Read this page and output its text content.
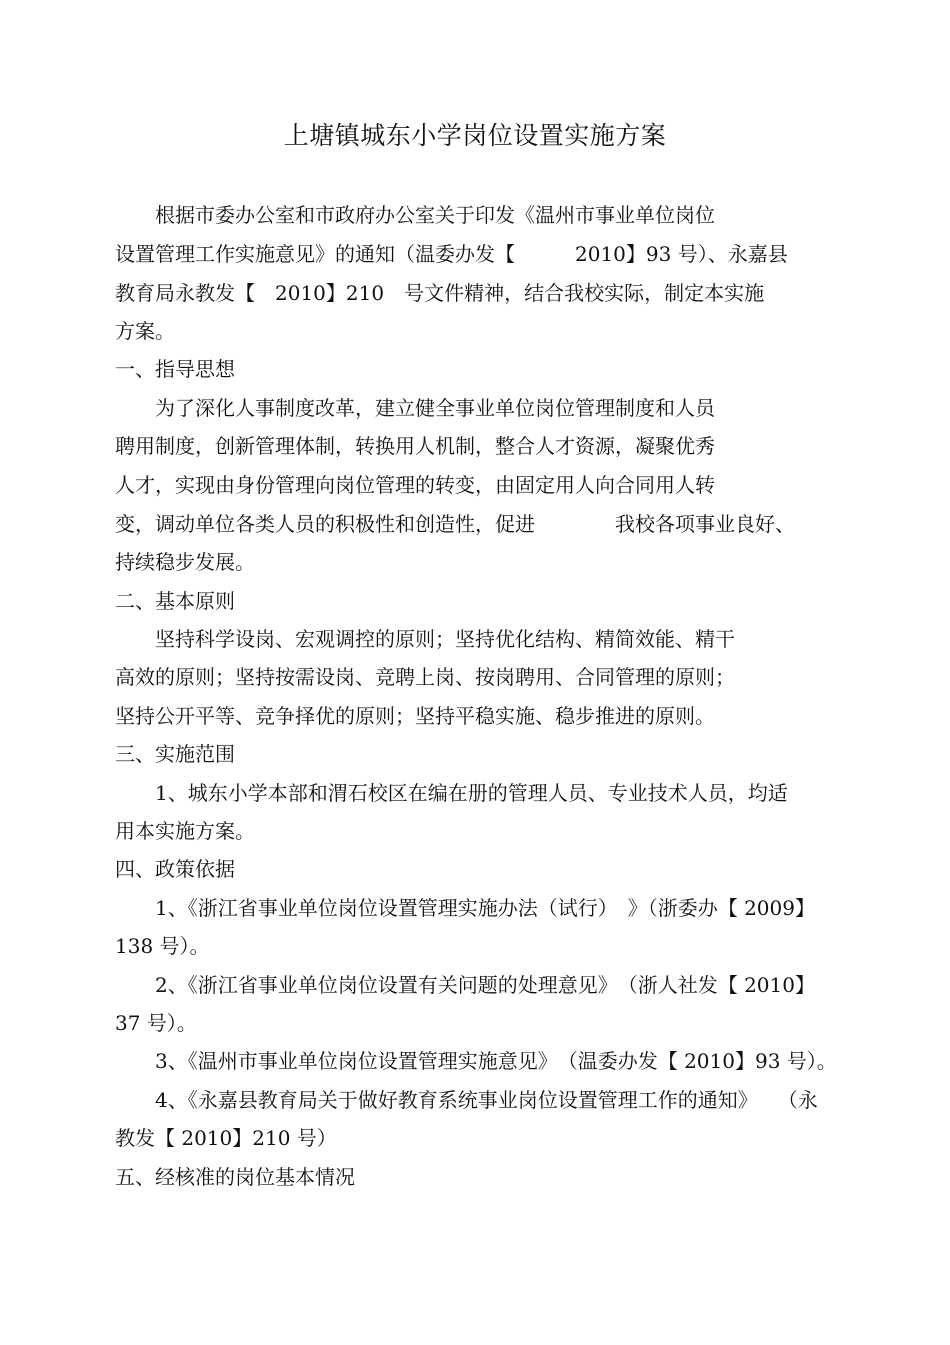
上塘镇城东小学岗位设置实施方案
　　根据市委办公室和市政府办公室关于印发《温州市事业单位岗位
设置管理工作实施意见》的通知（温委办发【　　　2010】93 号）、永嘉县
教育局永教发【　2010】210　号文件精神，结合我校实际，制定本实施
方案。
一、指导思想
　　为了深化人事制度改革，建立健全事业单位岗位管理制度和人员
聘用制度，创新管理体制，转换用人机制，整合人才资源，凝聚优秀
人才，实现由身份管理向岗位管理的转变，由固定用人向合同用人转
变，调动单位各类人员的积极性和创造性，促进　　　　我校各项事业良好、
持续稳步发展。
二、基本原则
　　坚持科学设岗、宏观调控的原则；坚持优化结构、精简效能、精干
高效的原则；坚持按需设岗、竞聘上岗、按岗聘用、合同管理的原则；
坚持公开平等、竞争择优的原则；坚持平稳实施、稳步推进的原则。
三、实施范围
　　1、城东小学本部和渭石校区在编在册的管理人员、专业技术人员，均适
用本实施方案。
四、政策依据
　　1、《浙江省事业单位岗位设置管理实施办法（试行）　》（浙委办【 2009】
138 号）。
　　2、《浙江省事业单位岗位设置有关问题的处理意见》　（浙人社发【 2010】
37 号）。
　　3、《温州市事业单位岗位设置管理实施意见》　（温委办发【 2010】93 号）。
　　4、《永嘉县教育局关于做好教育系统事业岗位设置管理工作的通知》　　（永
教发【 2010】210 号）
五、经核准的岗位基本情况
